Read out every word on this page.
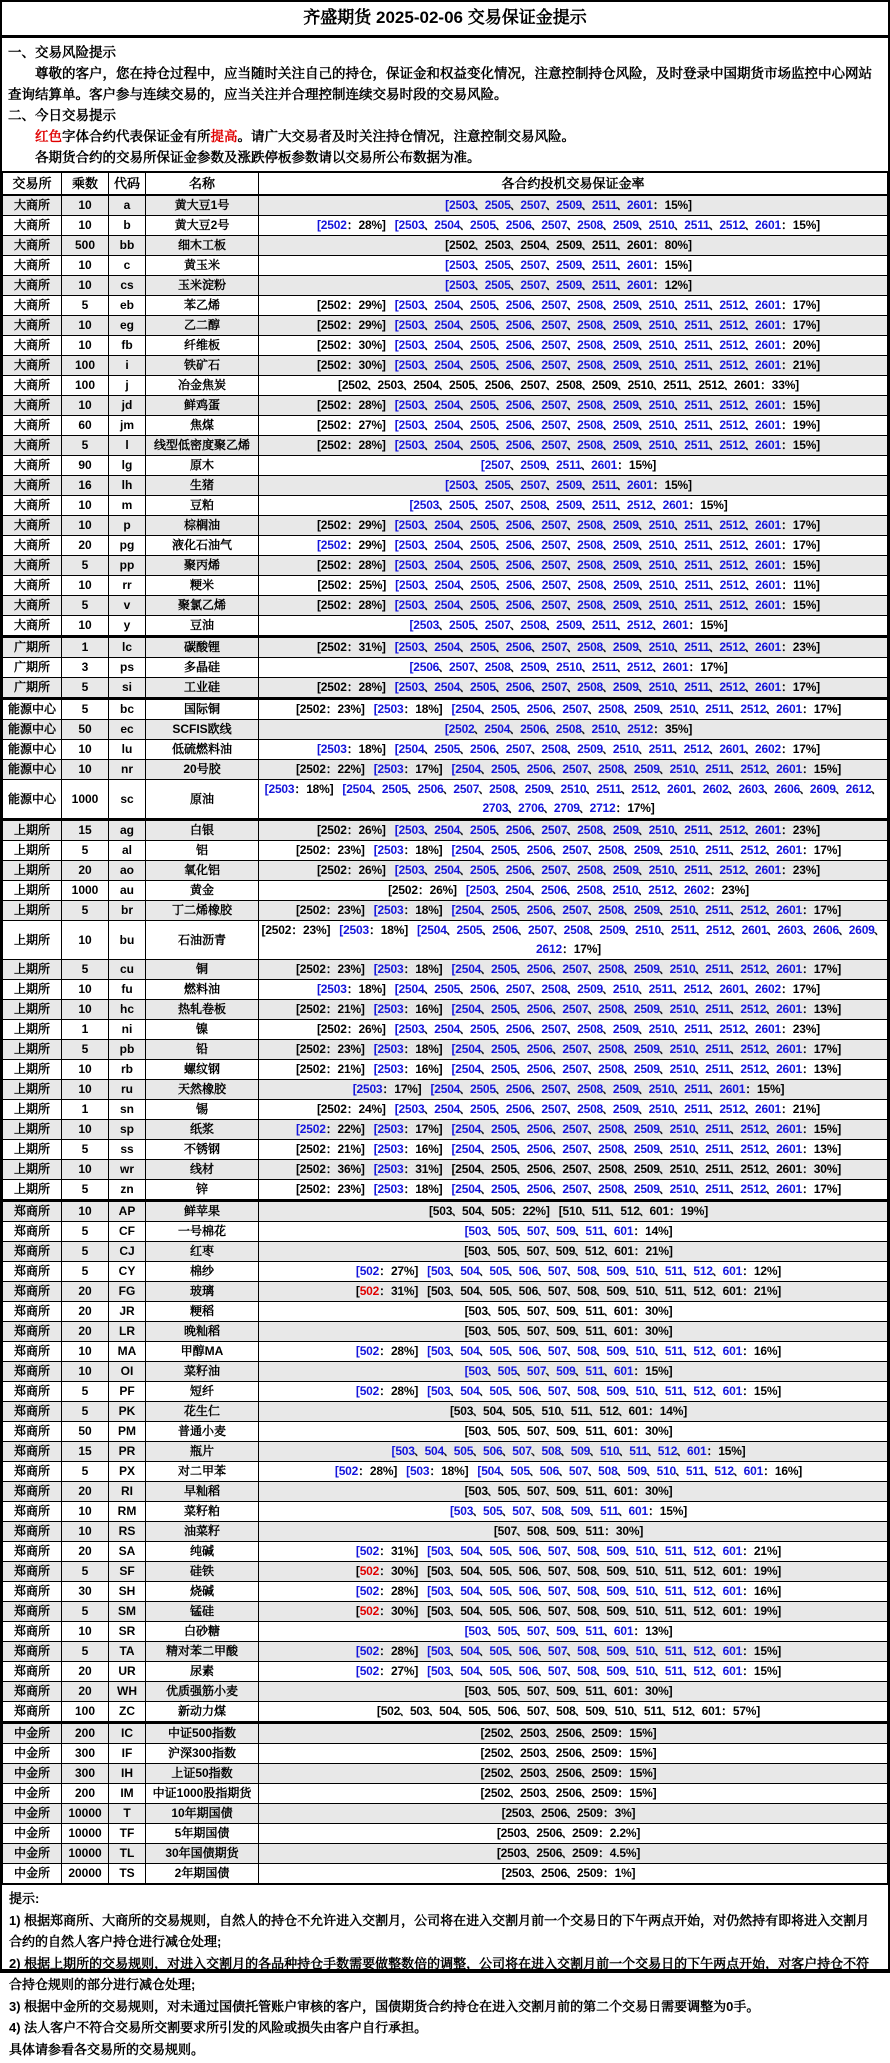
齐盛期货 2025-02-06 交易保证金提示

一、交易风险提示

尊敬的客户，您在持仓过程中，应当随时关注自己的持仓，保证金和权益变化情况，注意控制持仓风险，及时登录中国期货市场监控中心网站查询结算单。客户参与连续交易的，应当关注并合理控制连续交易时段的交易风险。

二、今日交易提示

红色字体合约代表保证金有所提高。请广大交易者及时关注持仓情况，注意控制交易风险。

各期货合约的交易所保证金参数及涨跌停板参数请以交易所公布数据为准。

交易所	乘数	代码	名称	各合约投机交易保证金率
大商所	10	a	黄大豆1号	[2503、2505、2507、2509、2511、2601：15%]
大商所	10	b	黄大豆2号	[2502：28%] [2503、2504、2505、2506、2507、2508、2509、2510、2511、2512、2601：15%]
大商所	500	bb	细木工板	[2502、2503、2504、2509、2511、2601：80%]
大商所	10	c	黄玉米	[2503、2505、2507、2509、2511、2601：15%]
大商所	10	cs	玉米淀粉	[2503、2505、2507、2509、2511、2601：12%]
大商所	5	eb	苯乙烯	[2502：29%] [2503、2504、2505、2506、2507、2508、2509、2510、2511、2512、2601：17%]
大商所	10	eg	乙二醇	[2502：29%] [2503、2504、2505、2506、2507、2508、2509、2510、2511、2512、2601：17%]
大商所	10	fb	纤维板	[2502：30%] [2503、2504、2505、2506、2507、2508、2509、2510、2511、2512、2601：20%]
大商所	100	i	铁矿石	[2502：30%] [2503、2504、2505、2506、2507、2508、2509、2510、2511、2512、2601：21%]
大商所	100	j	冶金焦炭	[2502、2503、2504、2505、2506、2507、2508、2509、2510、2511、2512、2601：33%]
大商所	10	jd	鲜鸡蛋	[2502：28%] [2503、2504、2505、2506、2507、2508、2509、2510、2511、2512、2601：15%]
大商所	60	jm	焦煤	[2502：27%] [2503、2504、2505、2506、2507、2508、2509、2510、2511、2512、2601：19%]
大商所	5	l	线型低密度聚乙烯	[2502：28%] [2503、2504、2505、2506、2507、2508、2509、2510、2511、2512、2601：15%]
大商所	90	lg	原木	[2507、2509、2511、2601：15%]
大商所	16	lh	生猪	[2503、2505、2507、2509、2511、2601：15%]
大商所	10	m	豆粕	[2503、2505、2507、2508、2509、2511、2512、2601：15%]
大商所	10	p	棕榈油	[2502：29%] [2503、2504、2505、2506、2507、2508、2509、2510、2511、2512、2601：17%]
大商所	20	pg	液化石油气	[2502：29%] [2503、2504、2505、2506、2507、2508、2509、2510、2511、2512、2601：17%]
大商所	5	pp	聚丙烯	[2502：28%] [2503、2504、2505、2506、2507、2508、2509、2510、2511、2512、2601：15%]
大商所	10	rr	粳米	[2502：25%] [2503、2504、2505、2506、2507、2508、2509、2510、2511、2512、2601：11%]
大商所	5	v	聚氯乙烯	[2502：28%] [2503、2504、2505、2506、2507、2508、2509、2510、2511、2512、2601：15%]
大商所	10	y	豆油	[2503、2505、2507、2508、2509、2511、2512、2601：15%]
广期所	1	lc	碳酸锂	[2502：31%] [2503、2504、2505、2506、2507、2508、2509、2510、2511、2512、2601：23%]
广期所	3	ps	多晶硅	[2506、2507、2508、2509、2510、2511、2512、2601：17%]
广期所	5	si	工业硅	[2502：28%] [2503、2504、2505、2506、2507、2508、2509、2510、2511、2512、2601：17%]
能源中心	5	bc	国际铜	[2502：23%] [2503：18%] [2504、2505、2506、2507、2508、2509、2510、2511、2512、2601：17%]
能源中心	50	ec	SCFIS欧线	[2502、2504、2506、2508、2510、2512：35%]
能源中心	10	lu	低硫燃料油	[2503：18%] [2504、2505、2506、2507、2508、2509、2510、2511、2512、2601、2602：17%]
能源中心	10	nr	20号胶	[2502：22%] [2503：17%] [2504、2505、2506、2507、2508、2509、2510、2511、2512、2601：15%]
能源中心	1000	sc	原油	[2503：18%] [2504、2505、2506、2507、2508、2509、2510、2511、2512、2601、2602、2603、2606、2609、2612、2703、2706、2709、2712：17%]
上期所	15	ag	白银	[2502：26%] [2503、2504、2505、2506、2507、2508、2509、2510、2511、2512、2601：23%]
上期所	5	al	铝	[2502：23%] [2503：18%] [2504、2505、2506、2507、2508、2509、2510、2511、2512、2601：17%]
上期所	20	ao	氧化铝	[2502：26%] [2503、2504、2505、2506、2507、2508、2509、2510、2511、2512、2601：23%]
上期所	1000	au	黄金	[2502：26%] [2503、2504、2506、2508、2510、2512、2602：23%]
上期所	5	br	丁二烯橡胶	[2502：23%] [2503：18%] [2504、2505、2506、2507、2508、2509、2510、2511、2512、2601：17%]
上期所	10	bu	石油沥青	[2502：23%] [2503：18%] [2504、2505、2506、2507、2508、2509、2510、2511、2512、2601、2603、2606、2609、2612：17%]
上期所	5	cu	铜	[2502：23%] [2503：18%] [2504、2505、2506、2507、2508、2509、2510、2511、2512、2601：17%]
上期所	10	fu	燃料油	[2503：18%] [2504、2505、2506、2507、2508、2509、2510、2511、2512、2601、2602：17%]
上期所	10	hc	热轧卷板	[2502：21%] [2503：16%] [2504、2505、2506、2507、2508、2509、2510、2511、2512、2601：13%]
上期所	1	ni	镍	[2502：26%] [2503、2504、2505、2506、2507、2508、2509、2510、2511、2512、2601：23%]
上期所	5	pb	铅	[2502：23%] [2503：18%] [2504、2505、2506、2507、2508、2509、2510、2511、2512、2601：17%]
上期所	10	rb	螺纹钢	[2502：21%] [2503：16%] [2504、2505、2506、2507、2508、2509、2510、2511、2512、2601：13%]
上期所	10	ru	天然橡胶	[2503：17%] [2504、2505、2506、2507、2508、2509、2510、2511、2601：15%]
上期所	1	sn	锡	[2502：24%] [2503、2504、2505、2506、2507、2508、2509、2510、2511、2512、2601：21%]
上期所	10	sp	纸浆	[2502：22%] [2503：17%] [2504、2505、2506、2507、2508、2509、2510、2511、2512、2601：15%]
上期所	5	ss	不锈钢	[2502：21%] [2503：16%] [2504、2505、2506、2507、2508、2509、2510、2511、2512、2601：13%]
上期所	10	wr	线材	[2502：36%] [2503：31%] [2504、2505、2506、2507、2508、2509、2510、2511、2512、2601：30%]
上期所	5	zn	锌	[2502：23%] [2503：18%] [2504、2505、2506、2507、2508、2509、2510、2511、2512、2601：17%]
郑商所	10	AP	鲜苹果	[503、504、505：22%] [510、511、512、601：19%]
郑商所	5	CF	一号棉花	[503、505、507、509、511、601：14%]
郑商所	5	CJ	红枣	[503、505、507、509、512、601：21%]
郑商所	5	CY	棉纱	[502：27%] [503、504、505、506、507、508、509、510、511、512、601：12%]
郑商所	20	FG	玻璃	[502：31%] [503、504、505、506、507、508、509、510、511、512、601：21%]
郑商所	20	JR	粳稻	[503、505、507、509、511、601：30%]
郑商所	20	LR	晚籼稻	[503、505、507、509、511、601：30%]
郑商所	10	MA	甲醇MA	[502：28%] [503、504、505、506、507、508、509、510、511、512、601：16%]
郑商所	10	OI	菜籽油	[503、505、507、509、511、601：15%]
郑商所	5	PF	短纤	[502：28%] [503、504、505、506、507、508、509、510、511、512、601：15%]
郑商所	5	PK	花生仁	[503、504、505、510、511、512、601：14%]
郑商所	50	PM	普通小麦	[503、505、507、509、511、601：30%]
郑商所	15	PR	瓶片	[503、504、505、506、507、508、509、510、511、512、601：15%]
郑商所	5	PX	对二甲苯	[502：28%] [503：18%] [504、505、506、507、508、509、510、511、512、601：16%]
郑商所	20	RI	早籼稻	[503、505、507、509、511、601：30%]
郑商所	10	RM	菜籽粕	[503、505、507、508、509、511、601：15%]
郑商所	10	RS	油菜籽	[507、508、509、511：30%]
郑商所	20	SA	纯碱	[502：31%] [503、504、505、506、507、508、509、510、511、512、601：21%]
郑商所	5	SF	硅铁	[502：30%] [503、504、505、506、507、508、509、510、511、512、601：19%]
郑商所	30	SH	烧碱	[502：28%] [503、504、505、506、507、508、509、510、511、512、601：16%]
郑商所	5	SM	锰硅	[502：30%] [503、504、505、506、507、508、509、510、511、512、601：19%]
郑商所	10	SR	白砂糖	[503、505、507、509、511、601：13%]
郑商所	5	TA	精对苯二甲酸	[502：28%] [503、504、505、506、507、508、509、510、511、512、601：15%]
郑商所	20	UR	尿素	[502：27%] [503、504、505、506、507、508、509、510、511、512、601：15%]
郑商所	20	WH	优质强筋小麦	[503、505、507、509、511、601：30%]
郑商所	100	ZC	新动力煤	[502、503、504、505、506、507、508、509、510、511、512、601：57%]
中金所	200	IC	中证500指数	[2502、2503、2506、2509：15%]
中金所	300	IF	沪深300指数	[2502、2503、2506、2509：15%]
中金所	300	IH	上证50指数	[2502、2503、2506、2509：15%]
中金所	200	IM	中证1000股指期货	[2502、2503、2506、2509：15%]
中金所	10000	T	10年期国债	[2503、2506、2509：3%]
中金所	10000	TF	5年期国债	[2503、2506、2509：2.2%]
中金所	10000	TL	30年国债期货	[2503、2506、2509：4.5%]
中金所	20000	TS	2年期国债	[2503、2506、2509：1%]

提示:

1) 根据郑商所、大商所的交易规则，自然人的持仓不允许进入交割月，公司将在进入交割月前一个交易日的下午两点开始，对仍然持有即将进入交割月合约的自然人客户持仓进行减仓处理;

2) 根据上期所的交易规则，对进入交割月的各品种持仓手数需要做整数倍的调整，公司将在进入交割月前一个交易日的下午两点开始，对客户持仓不符合持仓规则的部分进行减仓处理;

3) 根据中金所的交易规则，对未通过国债托管账户审核的客户，国债期货合约持仓在进入交割月前的第二个交易日需要调整为0手。

4) 法人客户不符合交易所交割要求所引发的风险或损失由客户自行承担。

具体请参看各交易所的交易规则。
